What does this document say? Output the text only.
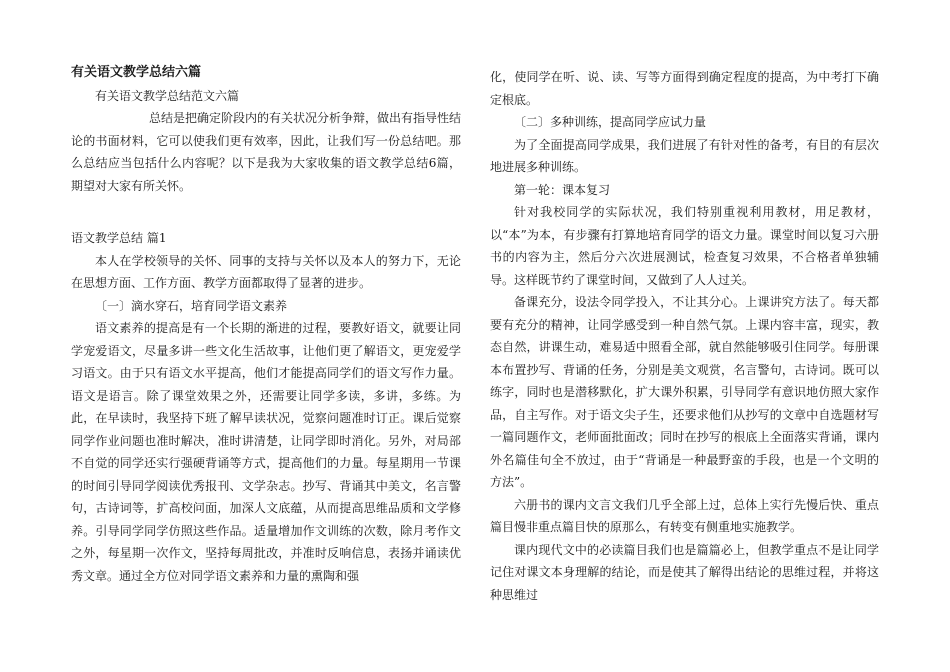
有关语文教学总结六篇

有关语文教学总结范文六篇

总结是把确定阶段内的有关状况分析争辩，做出有指导性结论的书面材料，它可以使我们更有效率，因此，让我们写一份总结吧。那么总结应当包括什么内容呢？以下是我为大家收集的语文教学总结6篇，期望对大家有所关怀。

语文教学总结 篇1

本人在学校领导的关怀、同事的支持与关怀以及本人的努力下，无论在思想方面、工作方面、教学方面都取得了显著的进步。

〔一〕滴水穿石，培育同学语文素养

语文素养的提高是有一个长期的渐进的过程，要教好语文，就要让同学宠爱语文，尽量多讲一些文化生活故事，让他们更了解语文，更宠爱学习语文。由于只有语文水平提高，他们才能提高同学们的语文写作力量。语文是语言。除了课堂效果之外，还需要让同学多读，多讲，多练。为此，在早读时，我坚持下班了解早读状况，觉察问题准时订正。课后觉察同学作业问题也准时解决，准时讲清楚，让同学即时消化。另外，对局部不自觉的同学还实行强硬背诵等方式，提高他们的力量。每星期用一节课的时间引导同学阅读优秀报刊、文学杂志。抄写、背诵其中美文，名言警句，古诗词等，扩高校问面，加深人文底蕴，从而提高思维品质和文学修养。引导同学同学仿照这些作品。适量增加作文训练的次数，除月考作文之外，每星期一次作文，坚持每周批改，并准时反响信息，表扬并诵读优秀文章。通过全方位对同学语文素养和力量的熏陶和强

化，使同学在听、说、读、写等方面得到确定程度的提高，为中考打下确定根底。

〔二〕多种训练，提高同学应试力量

为了全面提高同学成果，我们进展了有针对性的备考，有目的有层次地进展多种训练。

第一轮：课本复习

针对我校同学的实际状况，我们特别重视利用教材，用足教材，以“本”为本，有步骤有打算地培育同学的语文力量。课堂时间以复习六册书的内容为主，然后分六次进展测试，检查复习效果，不合格者单独辅导。这样既节约了课堂时间，又做到了人人过关。

备课充分，设法令同学投入，不让其分心。上课讲究方法了。每天都要有充分的精神，让同学感受到一种自然气氛。上课内容丰富，现实，教态自然，讲课生动，难易适中照看全部，就自然能够吸引住同学。每册课本布置抄写、背诵的任务，分别是美文观赏，名言警句，古诗词。既可以练字，同时也是潜移默化，扩大课外积累，引导同学有意识地仿照大家作品，自主写作。对于语文尖子生，还要求他们从抄写的文章中自选题材写一篇同题作文，老师面批面改；同时在抄写的根底上全面落实背诵，课内外名篇佳句全不放过，由于“背诵是一种最野蛮的手段，也是一个文明的方法”。

六册书的课内文言文我们几乎全部上过，总体上实行先慢后快、重点篇目慢非重点篇目快的原那么，有转变有侧重地实施教学。

课内现代文中的必读篇目我们也是篇篇必上，但教学重点不是让同学记住对课文本身理解的结论，而是使其了解得出结论的思维过程，并将这种思维过
